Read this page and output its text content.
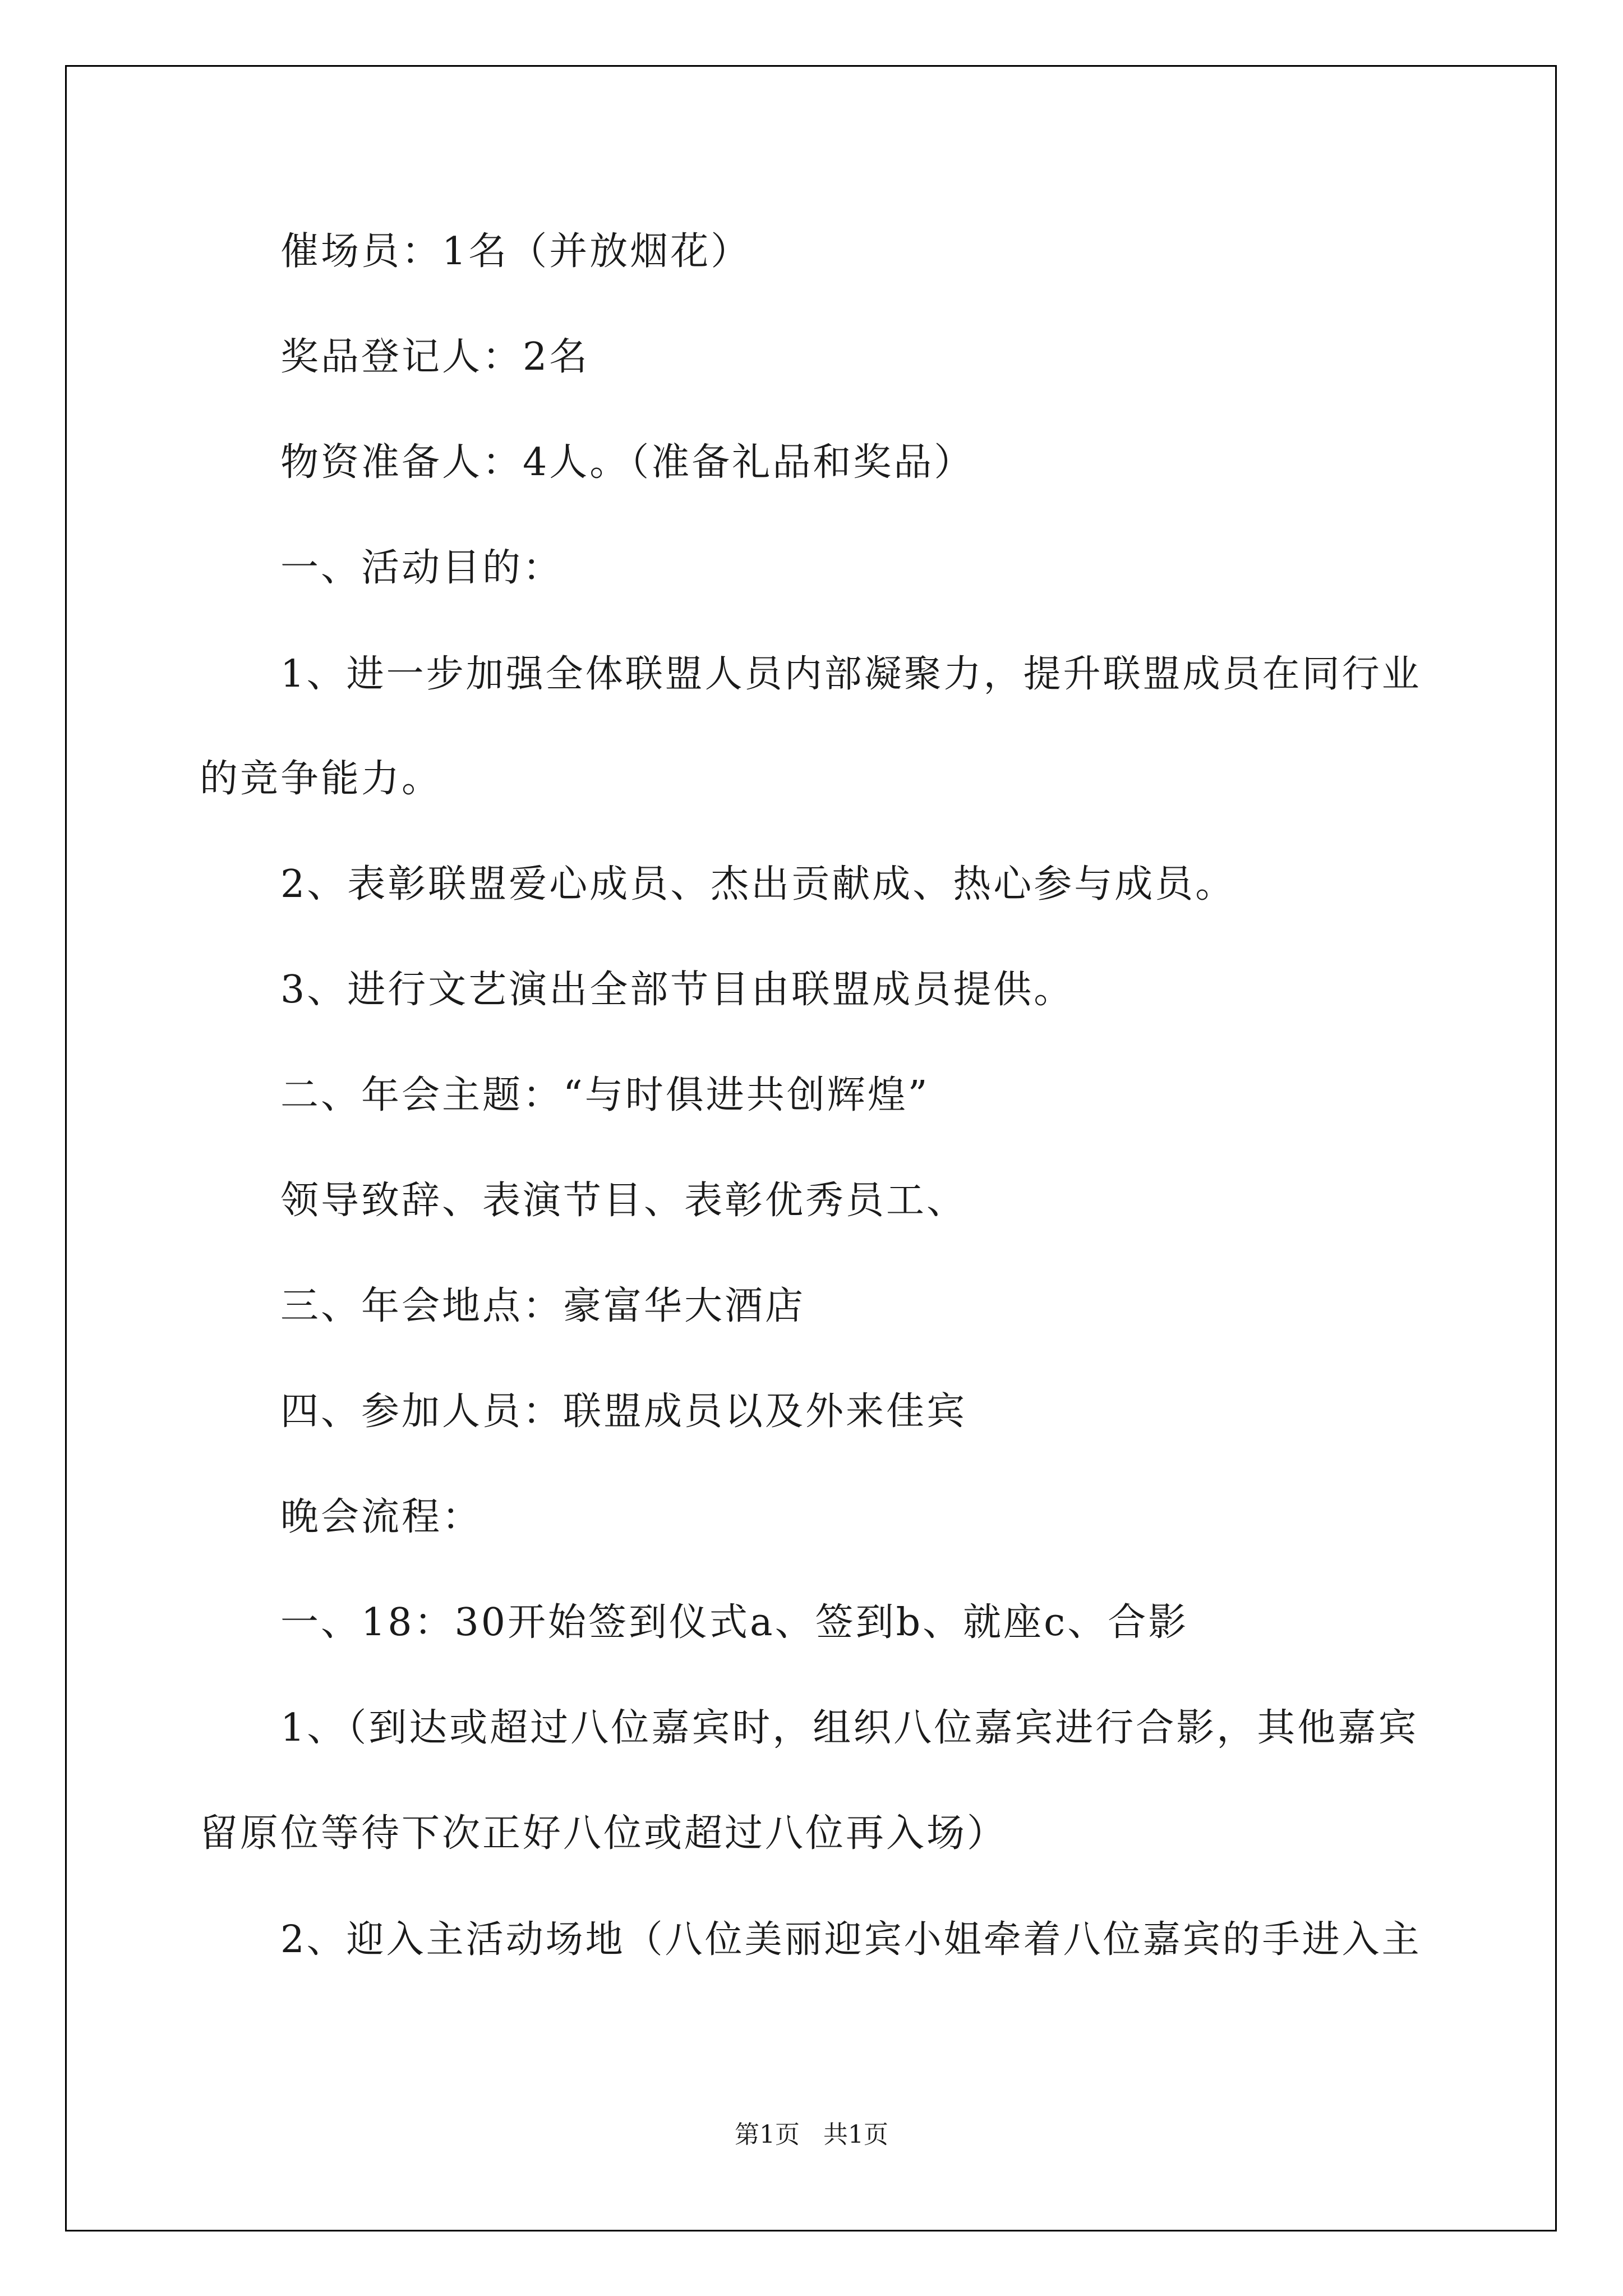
催场员：1名（并放烟花）
奖品登记人：2名
物资准备人：4人。（准备礼品和奖品）
一、活动目的：
1、进一步加强全体联盟人员内部凝聚力，提升联盟成员在同行业
的竞争能力。
2、表彰联盟爱心成员、杰出贡献成、热心参与成员。
3、进行文艺演出全部节目由联盟成员提供。
二、年会主题：“与时俱进共创辉煌”
领导致辞、表演节目、表彰优秀员工、
三、年会地点：豪富华大酒店
四、参加人员：联盟成员以及外来佳宾
晚会流程：
一、18：30开始签到仪式a、签到b、就座c、合影
1、（到达或超过八位嘉宾时，组织八位嘉宾进行合影，其他嘉宾
留原位等待下次正好八位或超过八位再入场）
2、迎入主活动场地（八位美丽迎宾小姐牵着八位嘉宾的手进入主
第1页   共1页
